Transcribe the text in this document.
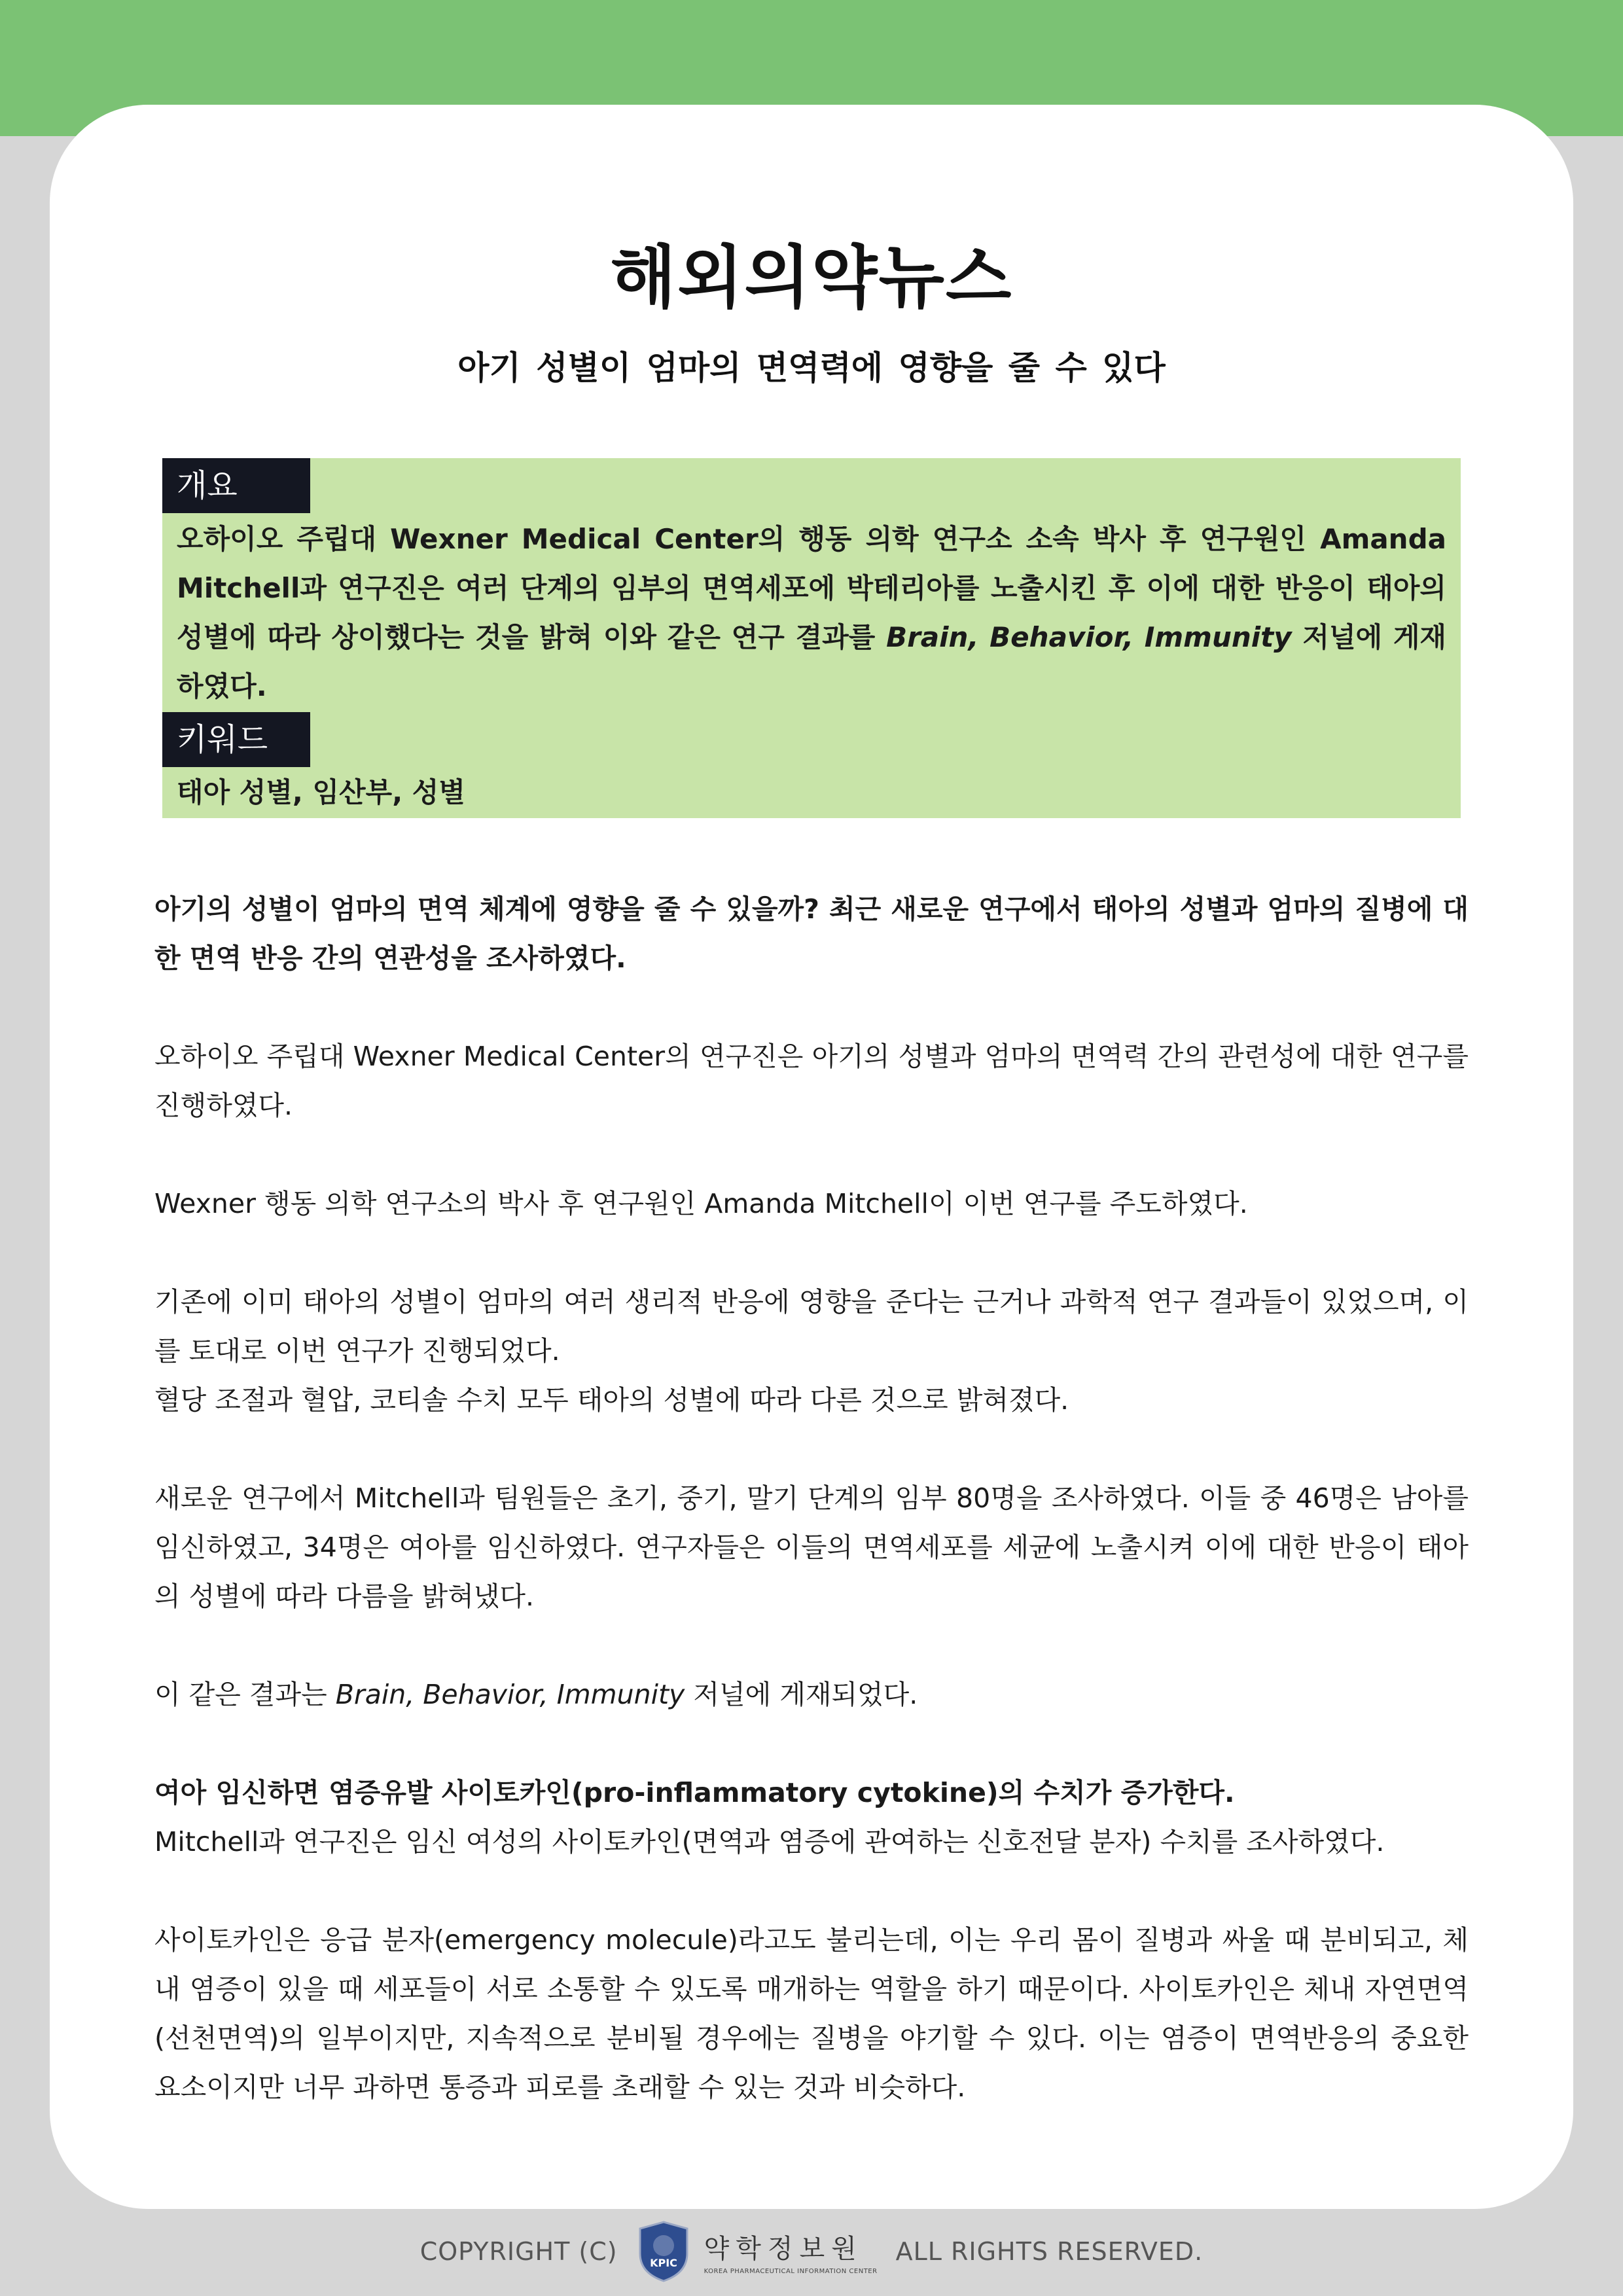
해외의약뉴스
아기 성별이 엄마의 면역력에 영향을 줄 수 있다
개요
오하이오 주립대 Wexner Medical Center의 행동 의학 연구소 소속 박사 후 연구원인 Amanda Mitchell과 연구진은 여러 단계의 임부의 면역세포에 박테리아를 노출시킨 후 이에 대한 반응이 태아의 성별에 따라 상이했다는 것을 밝혀 이와 같은 연구 결과를 Brain, Behavior, Immunity 저널에 게재하였다.
키워드
태아 성별, 임산부, 성별
아기의 성별이 엄마의 면역 체계에 영향을 줄 수 있을까? 최근 새로운 연구에서 태아의 성별과 엄마의 질병에 대한 면역 반응 간의 연관성을 조사하였다.
오하이오 주립대 Wexner Medical Center의 연구진은 아기의 성별과 엄마의 면역력 간의 관련성에 대한 연구를 진행하였다.
Wexner 행동 의학 연구소의 박사 후 연구원인 Amanda Mitchell이 이번 연구를 주도하였다.
기존에 이미 태아의 성별이 엄마의 여러 생리적 반응에 영향을 준다는 근거나 과학적 연구 결과들이 있었으며, 이를 토대로 이번 연구가 진행되었다.
혈당 조절과 혈압, 코티솔 수치 모두 태아의 성별에 따라 다른 것으로 밝혀졌다.
새로운 연구에서 Mitchell과 팀원들은 초기, 중기, 말기 단계의 임부 80명을 조사하였다. 이들 중 46명은 남아를 임신하였고, 34명은 여아를 임신하였다. 연구자들은 이들의 면역세포를 세균에 노출시켜 이에 대한 반응이 태아의 성별에 따라 다름을 밝혀냈다.
이 같은 결과는 Brain, Behavior, Immunity 저널에 게재되었다.
여아 임신하면 염증유발 사이토카인(pro-inflammatory cytokine)의 수치가 증가한다.
Mitchell과 연구진은 임신 여성의 사이토카인(면역과 염증에 관여하는 신호전달 분자) 수치를 조사하였다.
사이토카인은 응급 분자(emergency molecule)라고도 불리는데, 이는 우리 몸이 질병과 싸울 때 분비되고, 체내 염증이 있을 때 세포들이 서로 소통할 수 있도록 매개하는 역할을 하기 때문이다. 사이토카인은 체내 자연면역(선천면역)의 일부이지만, 지속적으로 분비될 경우에는 질병을 야기할 수 있다. 이는 염증이 면역반응의 중요한 요소이지만 너무 과하면 통증과 피로를 초래할 수 있는 것과 비슷하다.
COPYRIGHT (C)	KPIC 약학정보원
KOREA PHARMACEUTICAL INFORMATION CENTER
ALL RIGHTS RESERVED.
